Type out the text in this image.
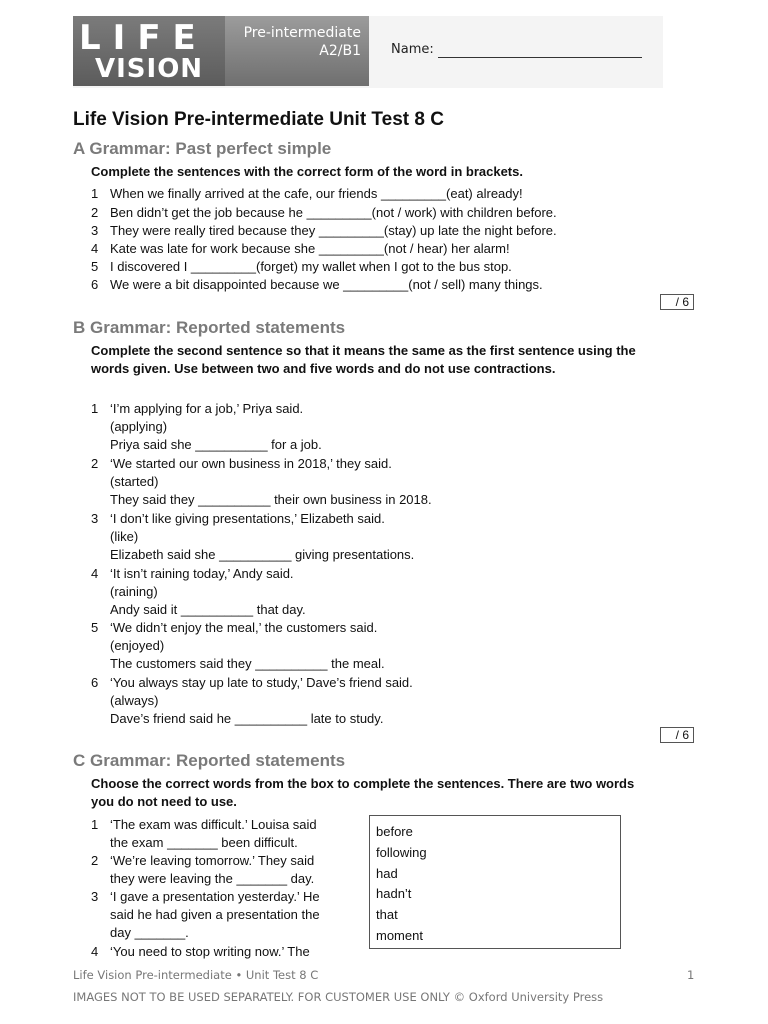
LIFE
VISION
Pre-intermediate
A2/B1 Name:
Life Vision Pre-intermediate Unit Test 8 C
A Grammar: Past perfect simple
Complete the sentences with the correct form of the word in brackets.
1 When we finally arrived at the cafe, our friends _________(eat) already!
2 Ben didn’t get the job because he _________(not / work) with children before.
3 They were really tired because they _________(stay) up late the night before.
4 Kate was late for work because she _________(not / hear) her alarm!
5 I discovered I _________(forget) my wallet when I got to the bus stop.
6 We were a bit disappointed because we _________(not / sell) many things.
/ 6
B Grammar: Reported statements
Complete the second sentence so that it means the same as the first sentence using the words given. Use between two and five words and do not use contractions.
1 ‘I’m applying for a job,’ Priya said.
(applying)
Priya said she __________ for a job.
2 ‘We started our own business in 2018,’ they said.
(started)
They said they __________ their own business in 2018.
3 ‘I don’t like giving presentations,’ Elizabeth said.
(like)
Elizabeth said she __________ giving presentations.
4 ‘It isn’t raining today,’ Andy said.
(raining)
Andy said it __________ that day.
5 ‘We didn’t enjoy the meal,’ the customers said.
(enjoyed)
The customers said they __________ the meal.
6 ‘You always stay up late to study,’ Dave’s friend said.
(always)
Dave’s friend said he __________ late to study.
/ 6
C Grammar: Reported statements
Choose the correct words from the box to complete the sentences. There are two words you do not need to use.
1 ‘The exam was difficult.’ Louisa said
the exam _______ been difficult.
2 ‘We’re leaving tomorrow.’ They said
they were leaving the _______ day.
3 ‘I gave a presentation yesterday.’ He
said he had given a presentation the
day _______.
4 ‘You need to stop writing now.’ The
before
following
had
hadn’t
that
moment
Life Vision Pre-intermediate • Unit Test 8 C	1
IMAGES NOT TO BE USED SEPARATELY. FOR CUSTOMER USE ONLY © Oxford University Press
